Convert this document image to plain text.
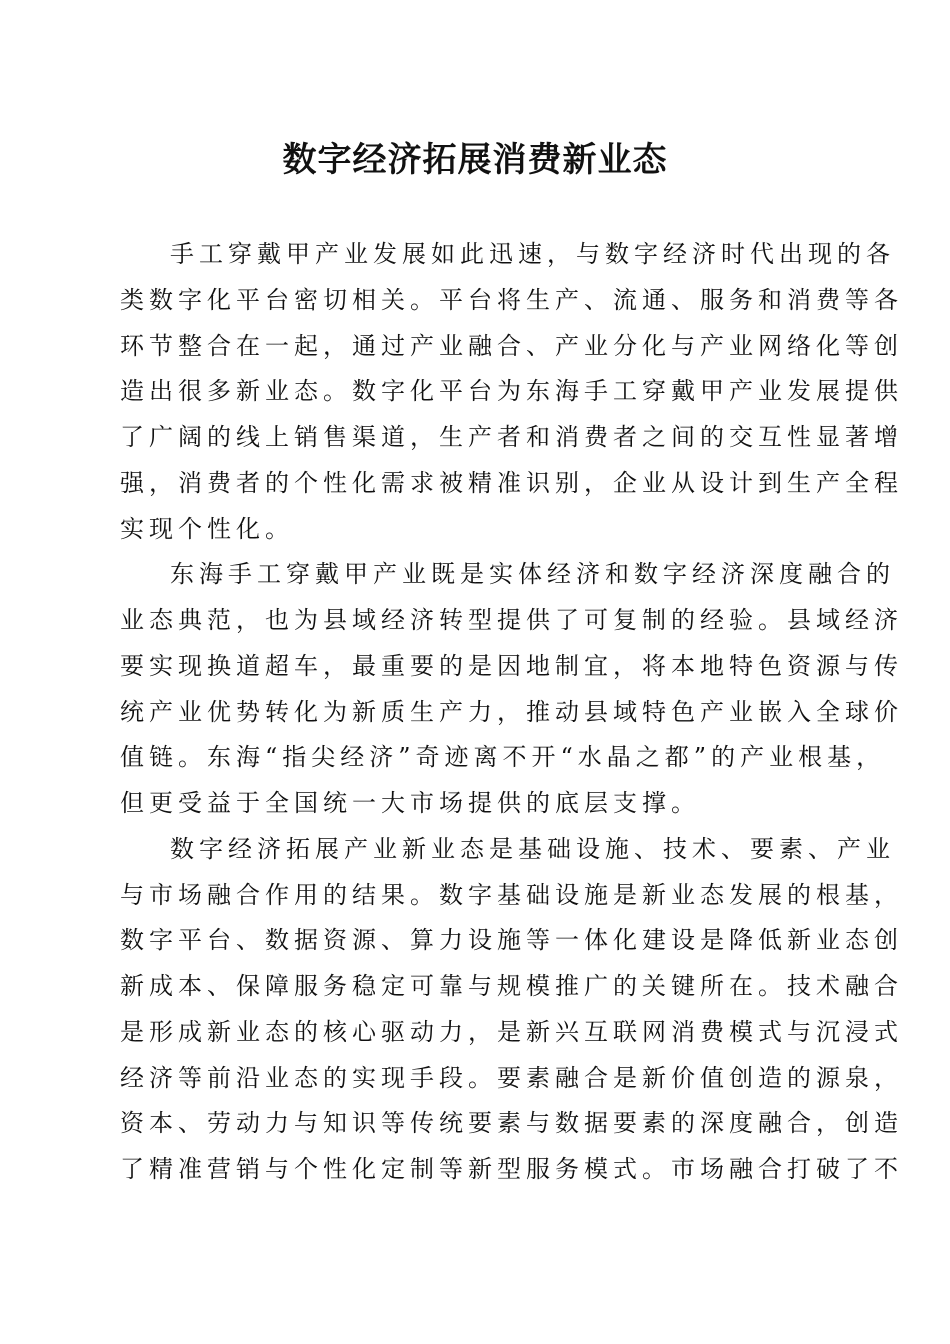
数字经济拓展消费新业态
手工穿戴甲产业发展如此迅速，与数字经济时代出现的各
类数字化平台密切相关。平台将生产、流通、服务和消费等各
环节整合在一起，通过产业融合、产业分化与产业网络化等创
造出很多新业态。数字化平台为东海手工穿戴甲产业发展提供
了广阔的线上销售渠道，生产者和消费者之间的交互性显著增
强，消费者的个性化需求被精准识别，企业从设计到生产全程
实现个性化。
东海手工穿戴甲产业既是实体经济和数字经济深度融合的
业态典范，也为县域经济转型提供了可复制的经验。县域经济
要实现换道超车，最重要的是因地制宜，将本地特色资源与传
统产业优势转化为新质生产力，推动县域特色产业嵌入全球价
值链。东海“指尖经济”奇迹离不开“水晶之都”的产业根基，
但更受益于全国统一大市场提供的底层支撑。
数字经济拓展产业新业态是基础设施、技术、要素、产业
与市场融合作用的结果。数字基础设施是新业态发展的根基，
数字平台、数据资源、算力设施等一体化建设是降低新业态创
新成本、保障服务稳定可靠与规模推广的关键所在。技术融合
是形成新业态的核心驱动力，是新兴互联网消费模式与沉浸式
经济等前沿业态的实现手段。要素融合是新价值创造的源泉，
资本、劳动力与知识等传统要素与数据要素的深度融合，创造
了精准营销与个性化定制等新型服务模式。市场融合打破了不
